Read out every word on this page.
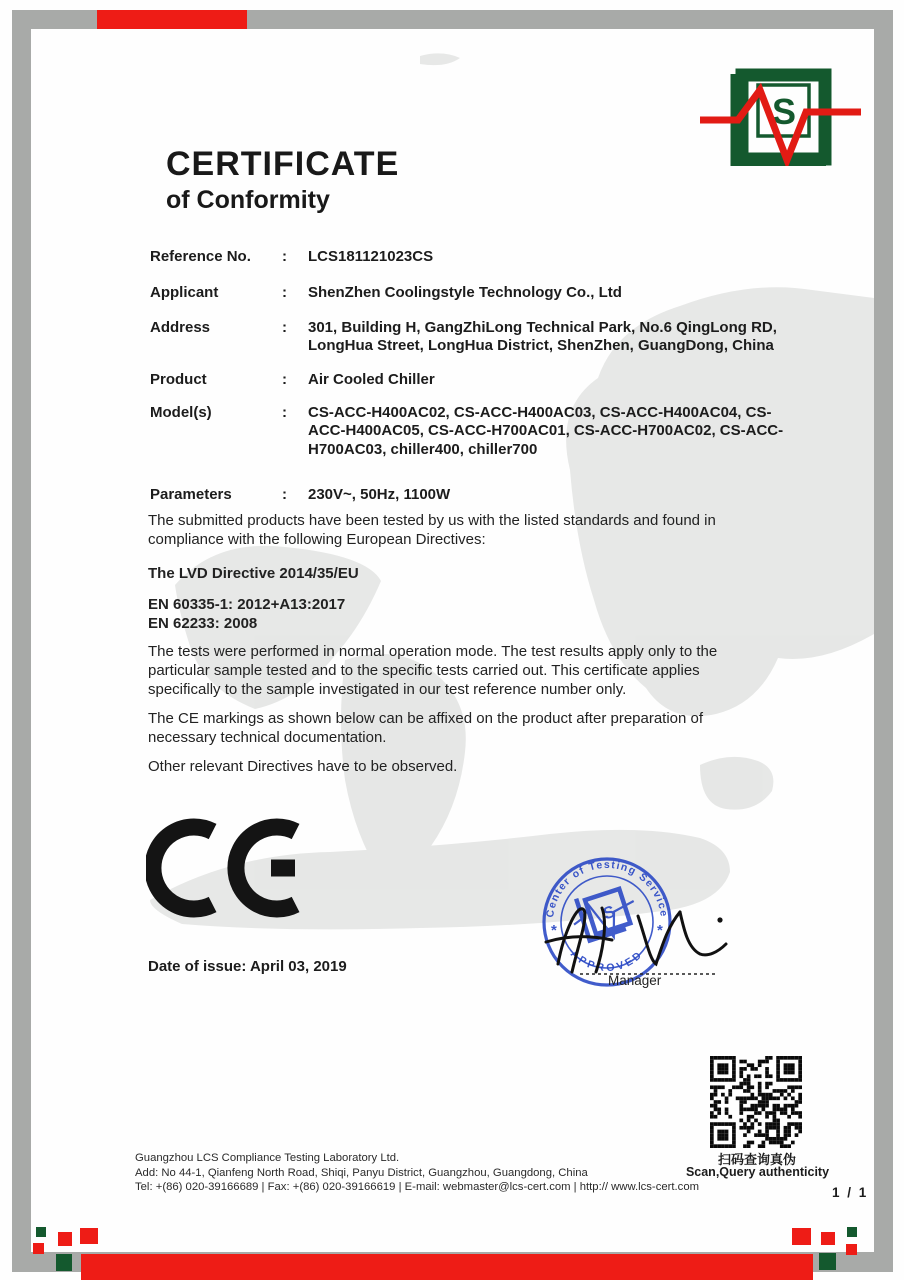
S
CERTIFICATE
of Conformity
Reference No.	:	LCS181121023CS
Applicant	:	ShenZhen Coolingstyle Technology Co., Ltd
Address	:	301, Building H, GangZhiLong Technical Park, No.6 QingLong RD, LongHua Street, LongHua District, ShenZhen, GuangDong, China
Product	:	Air Cooled Chiller
Model(s)	:	CS-ACC-H400AC02, CS-ACC-H400AC03, CS-ACC-H400AC04, CS-ACC-H400AC05, CS-ACC-H700AC01, CS-ACC-H700AC02, CS-ACC-H700AC03, chiller400, chiller700
Parameters	:	230V~, 50Hz, 1100W
The submitted products have been tested by us with the listed standards and found in compliance with the following European Directives:
The LVD Directive 2014/35/EU
EN 60335-1: 2012+A13:2017
EN 62233: 2008
The tests were performed in normal operation mode. The test results apply only to the particular sample tested and to the specific tests carried out. This certificate applies specifically to the sample investigated in our test reference number only.
The CE markings as shown below can be affixed on the product after preparation of necessary technical documentation.
Other relevant Directives have to be observed.
Date of issue: April 03, 2019
Center of Testing Service
APPROVED
*	*
S
Manager
扫码查询真伪
Scan,Query authenticity
Guangzhou LCS Compliance Testing Laboratory Ltd.
Add: No 44-1, Qianfeng North Road, Shiqi, Panyu District, Guangzhou, Guangdong, China
Tel: +(86) 020-39166689 | Fax: +(86) 020-39166619 | E-mail: webmaster@lcs-cert.com | http:// www.lcs-cert.com	1 / 1
